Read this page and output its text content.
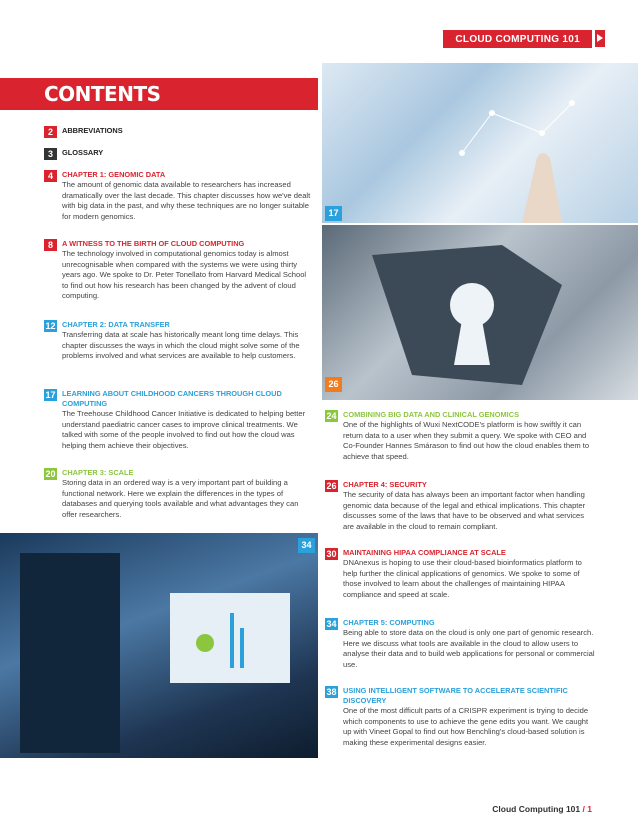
CLOUD COMPUTING 101
CONTENTS
17
26
34
2	ABBREVIATIONS
3	GLOSSARY
4	CHAPTER 1: GENOMIC DATA
The amount of genomic data available to researchers has increased dramatically over the last decade. This chapter discusses how we've dealt with big data in the past, and why these techniques are no longer suitable for modern genomics.
8	A WITNESS TO THE BIRTH OF CLOUD COMPUTING
The technology involved in computational genomics today is almost unrecognisable when compared with the systems we were using thirty years ago. We spoke to Dr. Peter Tonellato from Harvard Medical School to find out how his research has been changed by the advent of cloud computing.
12 CHAPTER 2: DATA TRANSFER
Transferring data at scale has historically meant long time delays. This chapter discusses the ways in which the cloud might solve some of the problems involved and what services are available to help customers.
17 LEARNING ABOUT CHILDHOOD CANCERS THROUGH CLOUD COMPUTING
The Treehouse Childhood Cancer Initiative is dedicated to helping better understand paediatric cancer cases to improve clinical treatments. We talked with some of the people involved to find out how the cloud was helping them achieve their objectives.
20 CHAPTER 3: SCALE
Storing data in an ordered way is a very important part of building a functional network. Here we explain the differences in the types of databases and querying tools available and what advantages they can offer researchers.
24 COMBINING BIG DATA AND CLINICAL GENOMICS
One of the highlights of Wuxi NextCODE's platform is how swiftly it can return data to a user when they submit a query. We spoke with CEO and Co-Founder Hannes Smárason to find out how the cloud enables them to achieve that speed.
26 CHAPTER 4: SECURITY
The security of data has always been an important factor when handling genomic data because of the legal and ethical implications. This chapter discusses some of the laws that have to be observed and what services are available in the cloud to remain compliant.
30 MAINTAINING HIPAA COMPLIANCE AT SCALE
DNAnexus is hoping to use their cloud-based bioinformatics platform to help further the clinical applications of genomics. We spoke to some of those involved to learn about the challenges of maintaining HIPAA compliance and speed at scale.
34 CHAPTER 5: COMPUTING
Being able to store data on the cloud is only one part of genomic research. Here we discuss what tools are available in the cloud to allow users to analyse their data and to build web applications for personal or commercial use.
38 USING INTELLIGENT SOFTWARE TO ACCELERATE SCIENTIFIC DISCOVERY
One of the most difficult parts of a CRISPR experiment is trying to decide which components to use to achieve the gene edits you want. We caught up with Vineet Gopal to find out how Benchling's cloud-based solution is making these experimental designs easier.
Cloud Computing 101 / 1
